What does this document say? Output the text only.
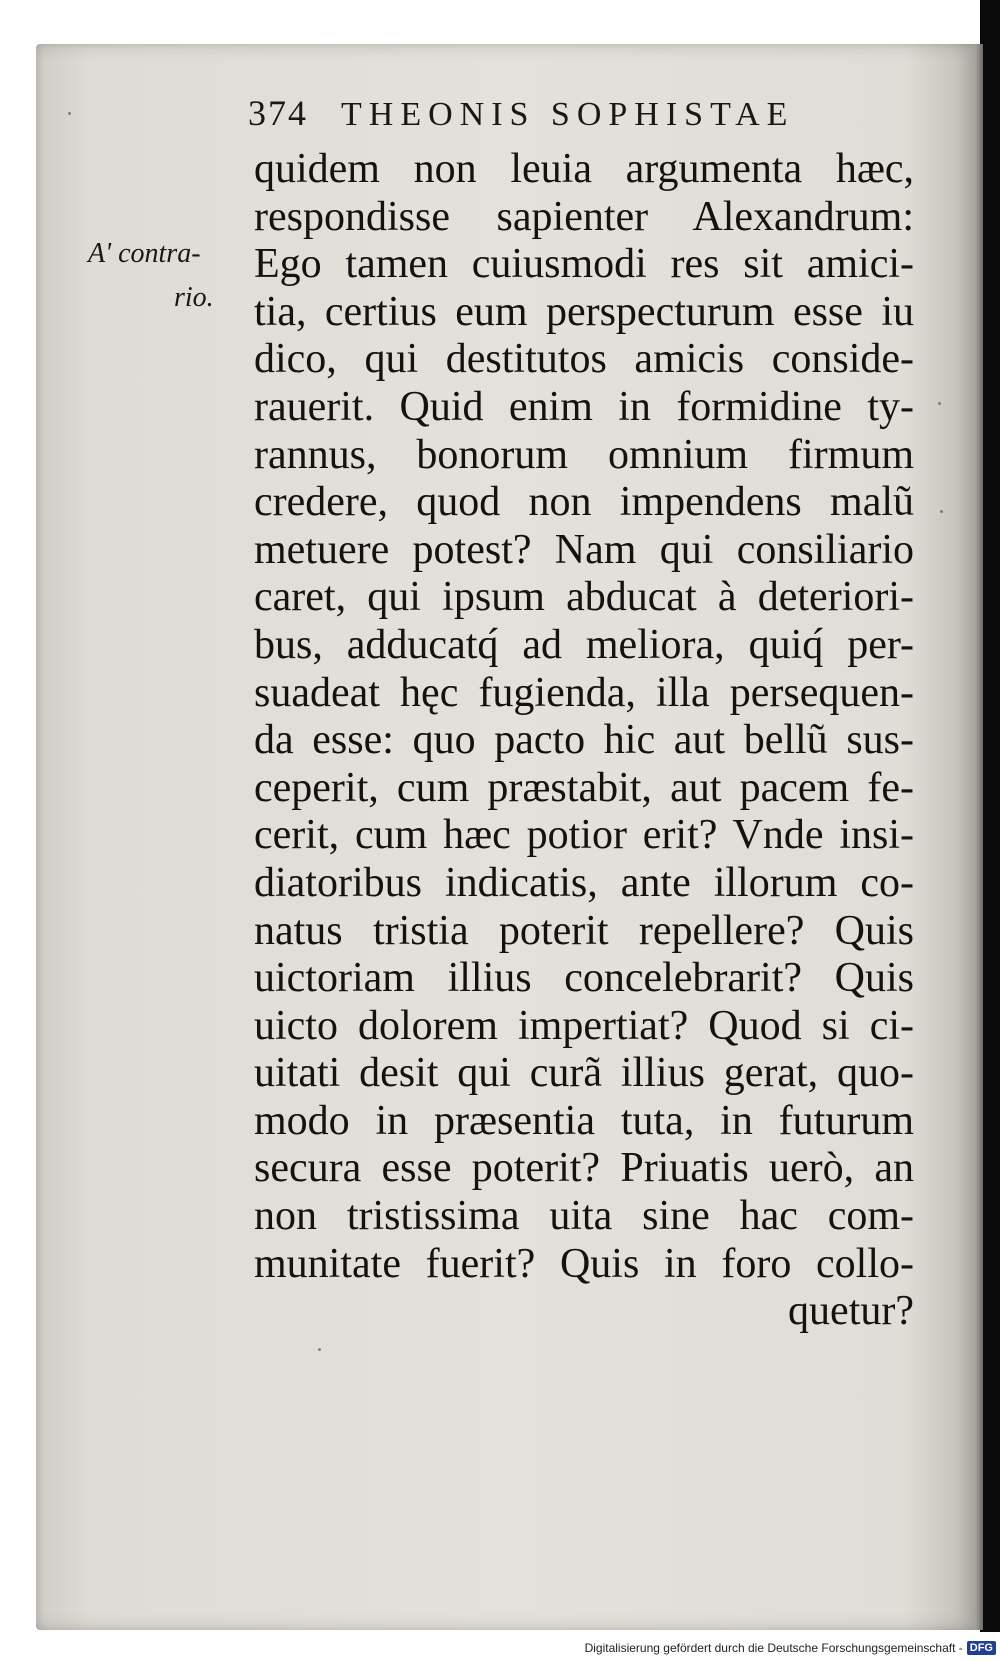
374 THEONIS SOPHISTAE
A' contra-
rio.
quidem non leuia argumenta hæc,
respondisse sapienter Alexandrum:
Ego tamen cuiusmodi res sit amici-
tia, certius eum perspecturum esse iu
dico, qui destitutos amicis conside-
rauerit. Quid enim in formidine ty-
rannus, bonorum omnium firmum
credere, quod non impendens malũ
metuere potest? Nam qui consiliario
caret, qui ipsum abducat à deteriori-
bus, adducatq́ ad meliora, quiq́ per-
suadeat hęc fugienda, illa persequen-
da esse: quo pacto hic aut bellũ sus-
ceperit, cum præstabit, aut pacem fe-
cerit, cum hæc potior erit? Vnde insi-
diatoribus indicatis, ante illorum co-
natus tristia poterit repellere? Quis
uictoriam illius concelebrarit? Quis
uicto dolorem impertiat? Quod si ci-
uitati desit qui curã illius gerat, quo-
modo in præsentia tuta, in futurum
secura esse poterit? Priuatis uerò, an
non tristissima uita sine hac com-
munitate fuerit? Quis in foro collo-
quetur?
Digitalisierung gefördert durch die Deutsche Forschungsgemeinschaft - DFG
